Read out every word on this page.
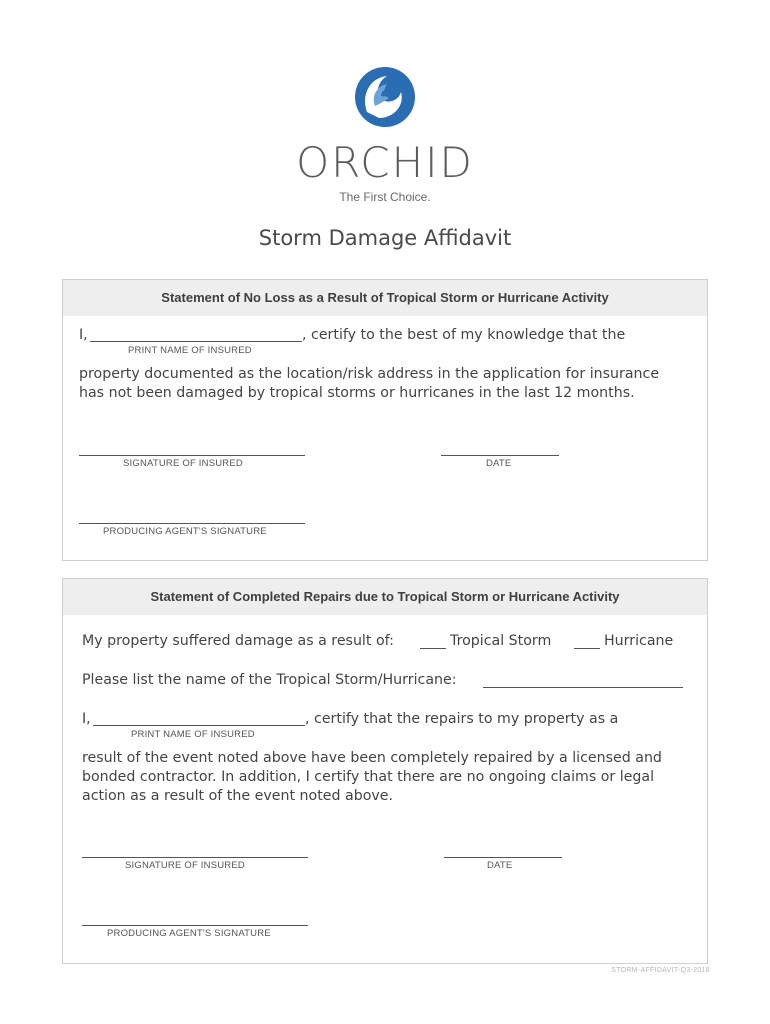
ORCHID
The First Choice.
Storm Damage Affidavit
Statement of No Loss as a Result of Tropical Storm or Hurricane Activity
I,	, certify to the best of my knowledge that the
PRINT NAME OF INSURED
property documented as the location/risk address in the application for insurance
has not been damaged by tropical storms or hurricanes in the last 12 months.
SIGNATURE OF INSURED	DATE
PRODUCING AGENT'S SIGNATURE
Statement of Completed Repairs due to Tropical Storm or Hurricane Activity
My property suffered damage as a result of:	Tropical Storm	Hurricane
Please list the name of the Tropical Storm/Hurricane:
I,	, certify that the repairs to my property as a
PRINT NAME OF INSURED
result of the event noted above have been completely repaired by a licensed and
bonded contractor. In addition, I certify that there are no ongoing claims or legal
action as a result of the event noted above.
SIGNATURE OF INSURED	DATE
PRODUCING AGENT'S SIGNATURE
STORM-AFFIDAVIT-Q3-2018
